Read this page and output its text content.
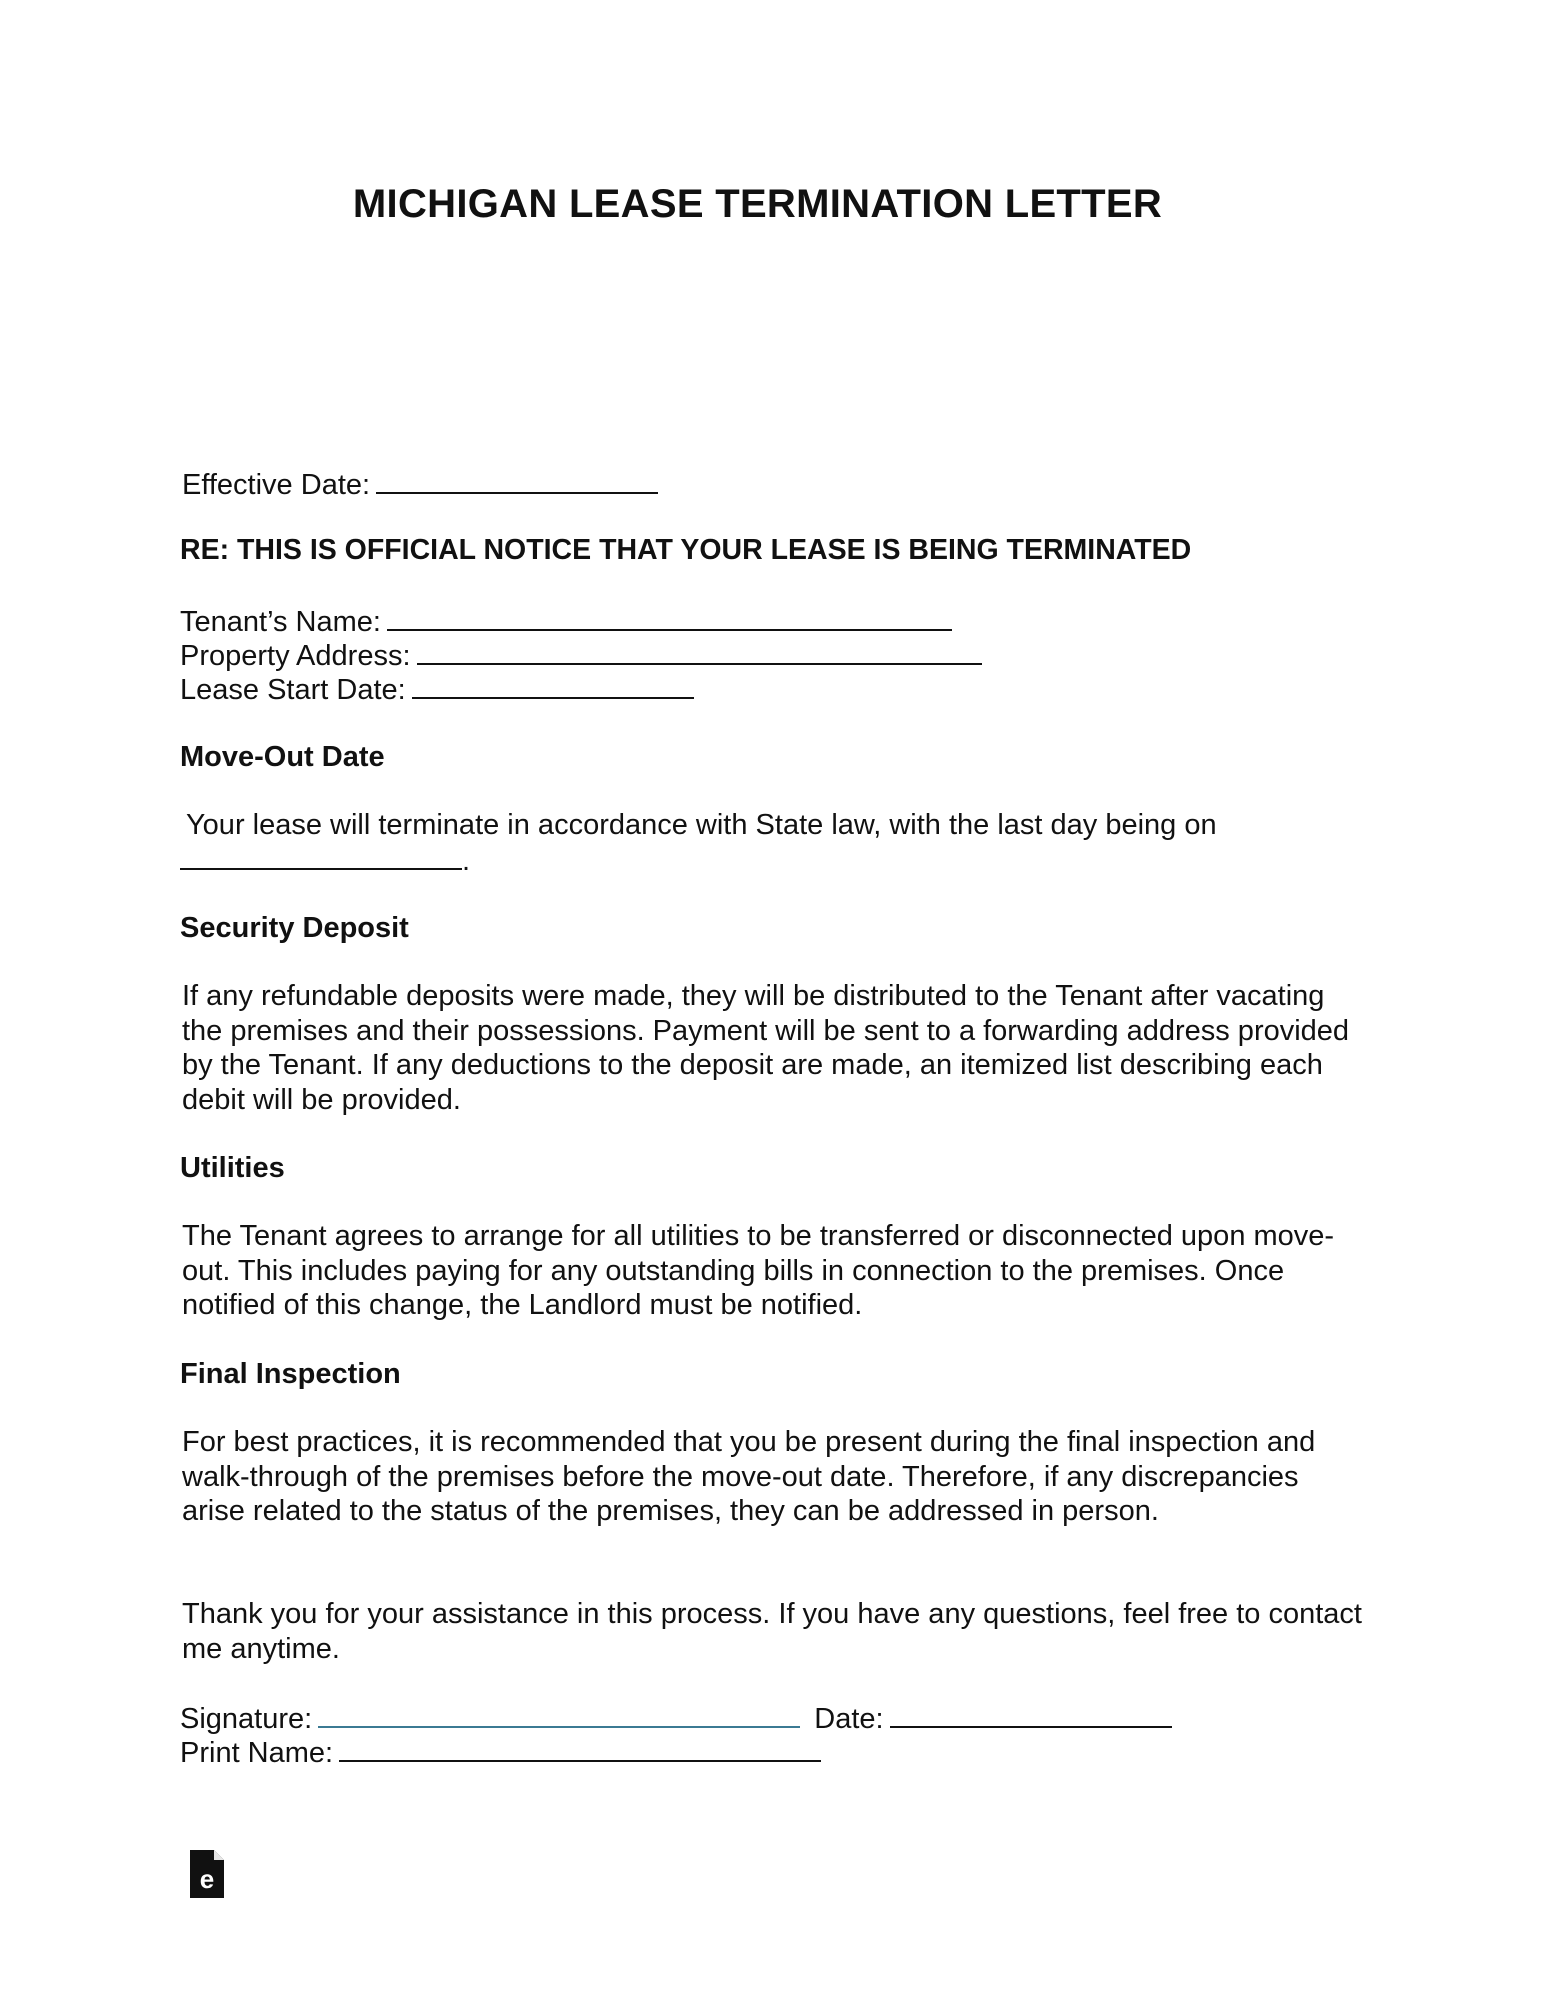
MICHIGAN LEASE TERMINATION LETTER
Effective Date:
RE: THIS IS OFFICIAL NOTICE THAT YOUR LEASE IS BEING TERMINATED
Tenant’s Name:
Property Address:
Lease Start Date:
Move-Out Date
Your lease will terminate in accordance with State law, with the last day being on
.
Security Deposit
If any refundable deposits were made, they will be distributed to the Tenant after vacating the premises and their possessions. Payment will be sent to a forwarding address provided by the Tenant. If any deductions to the deposit are made, an itemized list describing each debit will be provided.
Utilities
The Tenant agrees to arrange for all utilities to be transferred or disconnected upon move-out. This includes paying for any outstanding bills in connection to the premises. Once notified of this change, the Landlord must be notified.
Final Inspection
For best practices, it is recommended that you be present during the final inspection and walk-through of the premises before the move-out date. Therefore, if any discrepancies arise related to the status of the premises, they can be addressed in person.
Thank you for your assistance in this process. If you have any questions, feel free to contact me anytime.
Signature:	Date:
Print Name:
e
